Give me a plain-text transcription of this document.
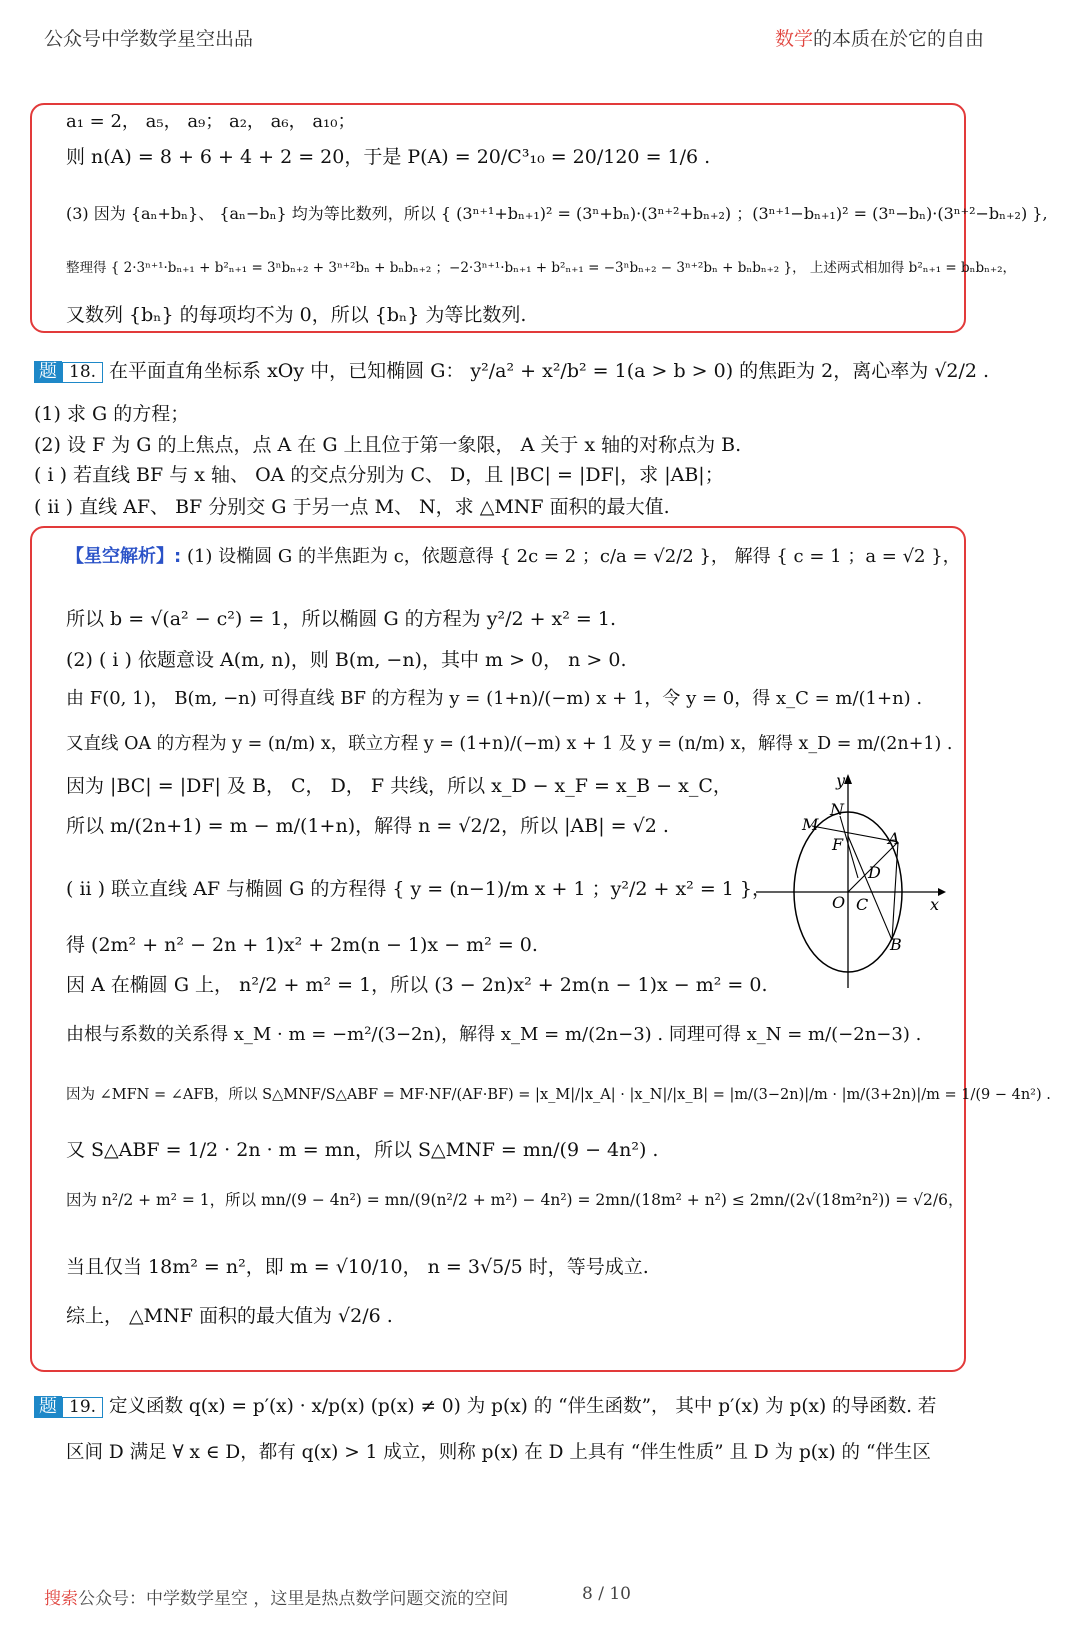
公众号中学数学星空出品	数学的本质在於它的自由
a₁ = 2， a₅， a₉； a₂， a₆， a₁₀；
则 n(A) = 8 + 6 + 4 + 2 = 20，于是 P(A) = 20/C³₁₀ = 20/120 = 1/6 .
(3) 因为 {aₙ+bₙ}、 {aₙ−bₙ} 均为等比数列，所以 { (3ⁿ⁺¹+bₙ₊₁)² = (3ⁿ+bₙ)·(3ⁿ⁺²+bₙ₊₂) ；(3ⁿ⁺¹−bₙ₊₁)² = (3ⁿ−bₙ)·(3ⁿ⁺²−bₙ₊₂) },
整理得 { 2·3ⁿ⁺¹·bₙ₊₁ + b²ₙ₊₁ = 3ⁿbₙ₊₂ + 3ⁿ⁺²bₙ + bₙbₙ₊₂ ；−2·3ⁿ⁺¹·bₙ₊₁ + b²ₙ₊₁ = −3ⁿbₙ₊₂ − 3ⁿ⁺²bₙ + bₙbₙ₊₂ }， 上述两式相加得 b²ₙ₊₁ = bₙbₙ₊₂，
又数列 {bₙ} 的每项均不为 0，所以 {bₙ} 为等比数列.
题 18. 在平面直角坐标系 xOy 中，已知椭圆 G： y²/a² + x²/b² = 1(a > b > 0) 的焦距为 2，离心率为 √2/2 .
(1) 求 G 的方程；
(2) 设 F 为 G 的上焦点，点 A 在 G 上且位于第一象限， A 关于 x 轴的对称点为 B.
( i ) 若直线 BF 与 x 轴、 OA 的交点分别为 C、 D，且 |BC| = |DF|，求 |AB|；
( ii ) 直线 AF、 BF 分别交 G 于另一点 M、 N，求 △MNF 面积的最大值.
【星空解析】: (1) 设椭圆 G 的半焦距为 c，依题意得 { 2c = 2 ；c/a = √2/2 }， 解得 { c = 1 ；a = √2 }，
所以 b = √(a² − c²) = 1，所以椭圆 G 的方程为 y²/2 + x² = 1.
(2) ( i ) 依题意设 A(m, n)，则 B(m, −n)，其中 m > 0， n > 0.
由 F(0, 1)， B(m, −n) 可得直线 BF 的方程为 y = (1+n)/(−m) x + 1，令 y = 0，得 x_C = m/(1+n) .
又直线 OA 的方程为 y = (n/m) x，联立方程 y = (1+n)/(−m) x + 1 及 y = (n/m) x，解得 x_D = m/(2n+1) .
因为 |BC| = |DF| 及 B， C， D， F 共线，所以 x_D − x_F = x_B − x_C，
所以 m/(2n+1) = m − m/(1+n)，解得 n = √2/2，所以 |AB| = √2 .
( ii ) 联立直线 AF 与椭圆 G 的方程得 { y = (n−1)/m x + 1 ；y²/2 + x² = 1 }，
得 (2m² + n² − 2n + 1)x² + 2m(n − 1)x − m² = 0.
因 A 在椭圆 G 上， n²/2 + m² = 1，所以 (3 − 2n)x² + 2m(n − 1)x − m² = 0.
由根与系数的关系得 x_M · m = −m²/(3−2n)，解得 x_M = m/(2n−3) . 同理可得 x_N = m/(−2n−3) .
因为 ∠MFN = ∠AFB，所以 S△MNF/S△ABF = MF·NF/(AF·BF) = |x_M|/|x_A| · |x_N|/|x_B| = |m/(3−2n)|/m · |m/(3+2n)|/m = 1/(9 − 4n²) .
又 S△ABF = 1/2 · 2n · m = mn，所以 S△MNF = mn/(9 − 4n²) .
因为 n²/2 + m² = 1，所以 mn/(9 − 4n²) = mn/(9(n²/2 + m²) − 4n²) = 2mn/(18m² + n²) ≤ 2mn/(2√(18m²n²)) = √2/6，
当且仅当 18m² = n²，即 m = √10/10， n = 3√5/5 时，等号成立.
综上， △MNF 面积的最大值为 √2/6 .
y
x
O C
D
F	A
B
M
N
题 19. 定义函数 q(x) = p′(x) · x/p(x) (p(x) ≠ 0) 为 p(x) 的 “伴生函数”， 其中 p′(x) 为 p(x) 的导函数. 若
区间 D 满足 ∀ x ∈ D，都有 q(x) > 1 成立，则称 p(x) 在 D 上具有 “伴生性质” 且 D 为 p(x) 的 “伴生区
搜索公众号：中学数学星空 ，这里是热点数学问题交流的空间	8 / 10
